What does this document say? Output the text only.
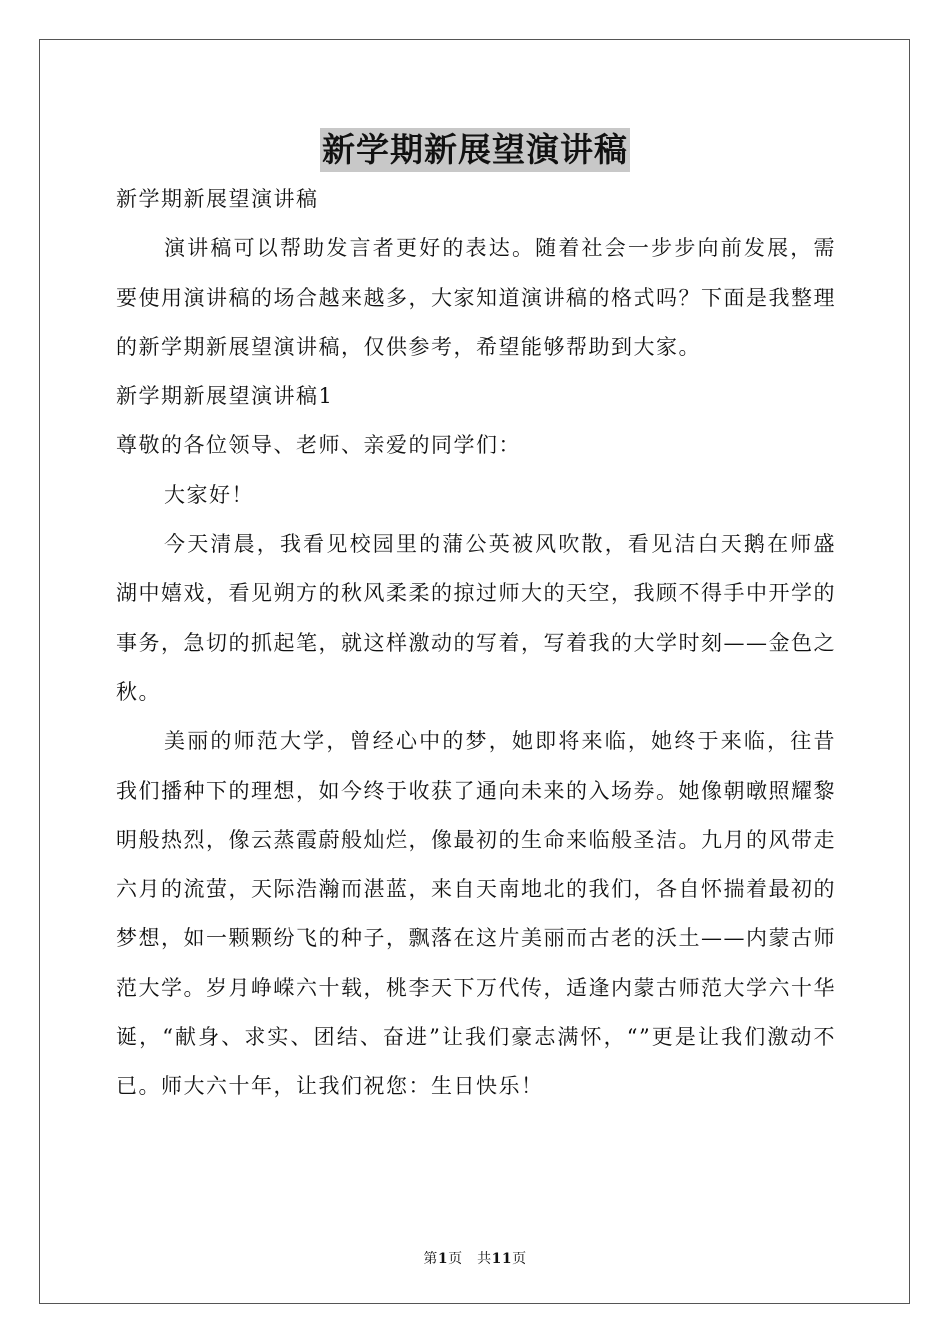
新学期新展望演讲稿

新学期新展望演讲稿

演讲稿可以帮助发言者更好的表达。随着社会一步步向前发展，需要使用演讲稿的场合越来越多，大家知道演讲稿的格式吗？下面是我整理的新学期新展望演讲稿，仅供参考，希望能够帮助到大家。

新学期新展望演讲稿1

尊敬的各位领导、老师、亲爱的同学们：

大家好！

今天清晨，我看见校园里的蒲公英被风吹散，看见洁白天鹅在师盛湖中嬉戏，看见朔方的秋风柔柔的掠过师大的天空，我顾不得手中开学的事务，急切的抓起笔，就这样激动的写着，写着我的大学时刻——金色之秋。

美丽的师范大学，曾经心中的梦，她即将来临，她终于来临，往昔我们播种下的理想，如今终于收获了通向未来的入场券。她像朝暾照耀黎明般热烈，像云蒸霞蔚般灿烂，像最初的生命来临般圣洁。九月的风带走六月的流萤，天际浩瀚而湛蓝，来自天南地北的我们，各自怀揣着最初的梦想，如一颗颗纷飞的种子，飘落在这片美丽而古老的沃土——内蒙古师范大学。岁月峥嵘六十载，桃李天下万代传，适逢内蒙古师范大学六十华诞，“献身、求实、团结、奋进”让我们豪志满怀，“”更是让我们激动不已。师大六十年，让我们祝您：生日快乐！

第1页　共11页
